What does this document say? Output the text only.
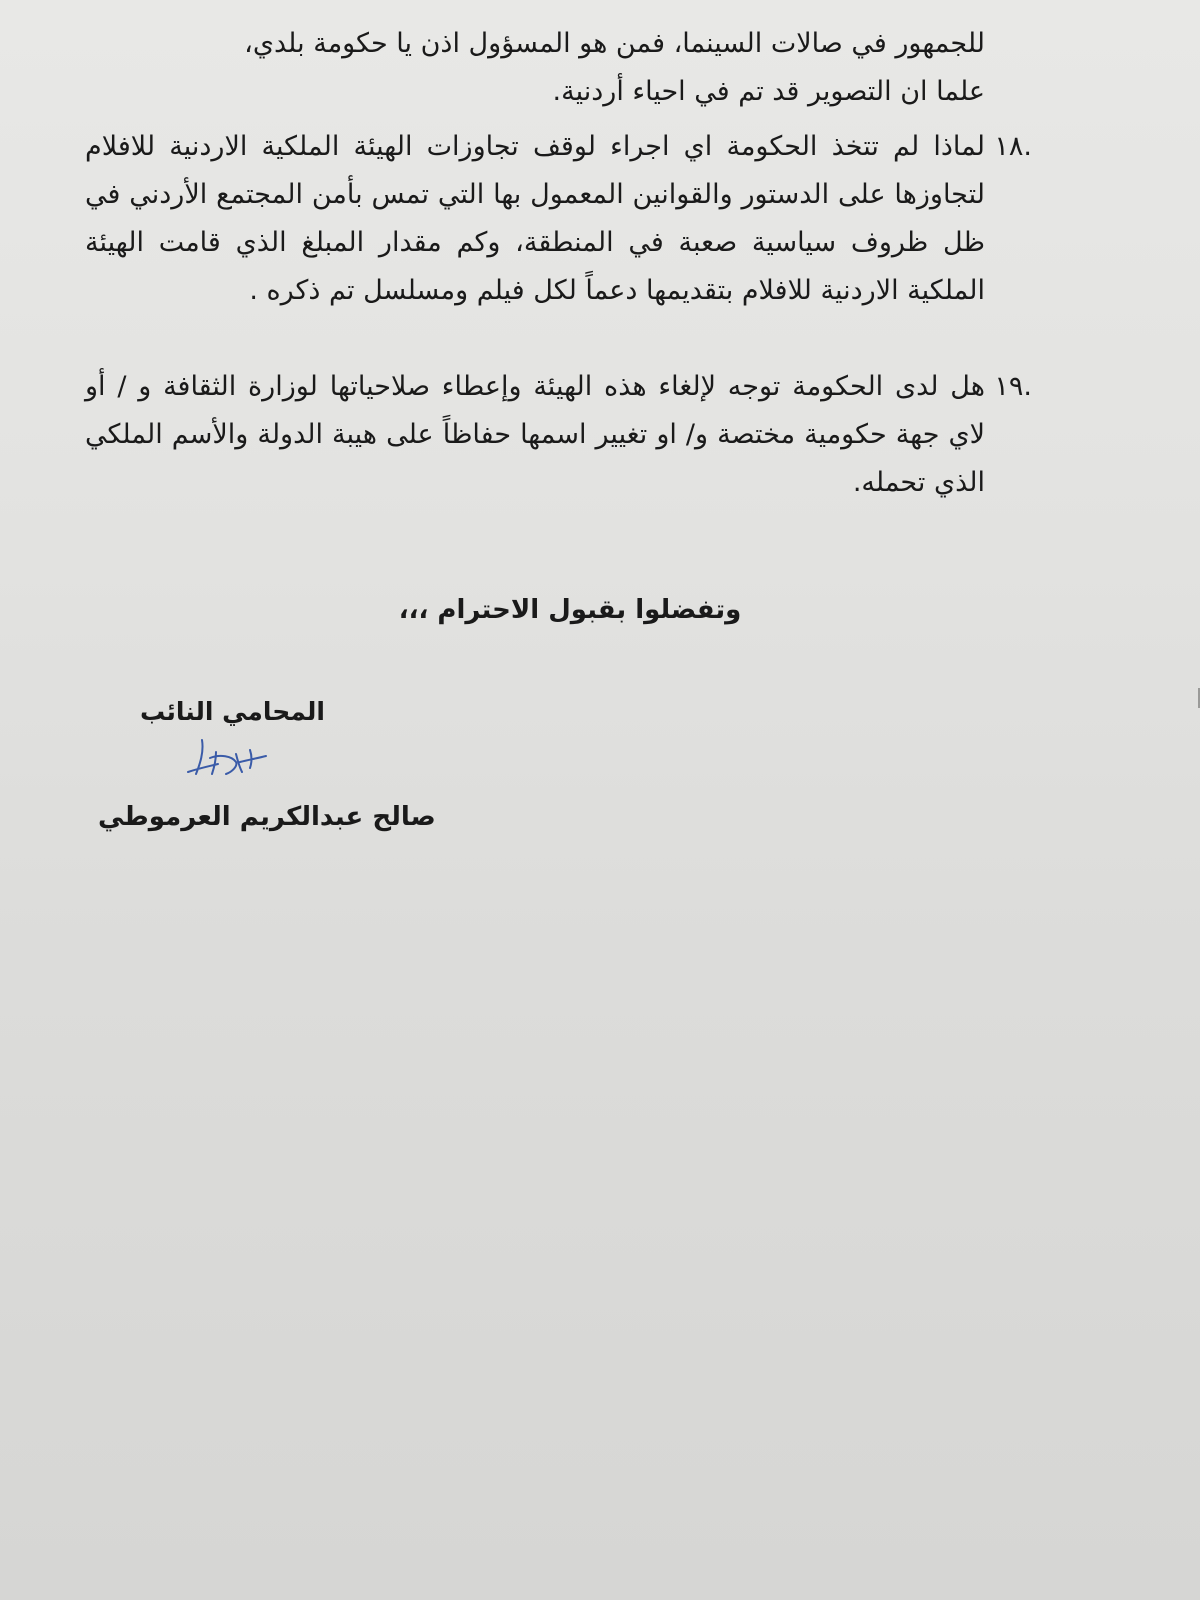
للجمهور في صالات السينما، فمن هو المسؤول اذن يا حكومة بلدي،

علما ان التصوير قد تم في احياء أردنية.

.١٨
لماذا لم تتخذ الحكومة اي اجراء لوقف تجاوزات الهيئة الملكية الاردنية للافلام لتجاوزها على الدستور والقوانين المعمول بها التي تمس بأمن المجتمع الأردني في ظل ظروف سياسية صعبة في المنطقة، وكم مقدار المبلغ الذي قامت الهيئة الملكية الاردنية للافلام بتقديمها دعماً لكل فيلم ومسلسل تم ذكره .
.١٩
هل لدى الحكومة توجه لإلغاء هذه الهيئة وإعطاء صلاحياتها لوزارة الثقافة و / أو لاي جهة حكومية مختصة و/ او تغيير اسمها حفاظاً على هيبة الدولة والأسم الملكي الذي تحمله.
وتفضلوا بقبول الاحترام ،،،
المحامي النائب
صالح عبدالكريم العرموطي
